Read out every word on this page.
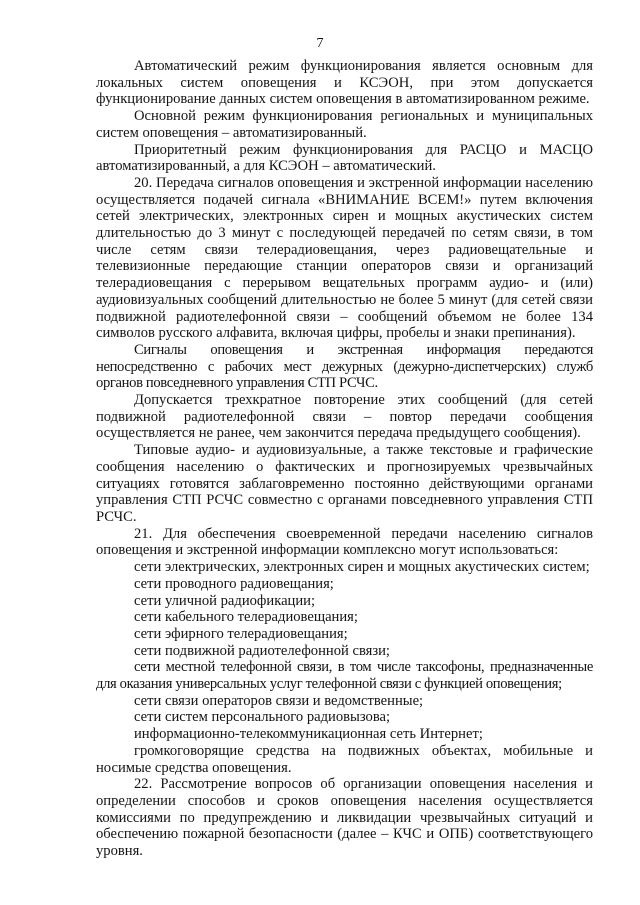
7

Автоматический режим функционирования является основным для локальных систем оповещения и КСЭОН, при этом допускается функционирование данных систем оповещения в автоматизированном режиме.

Основной режим функционирования региональных и муниципальных систем оповещения – автоматизированный.

Приоритетный режим функционирования для РАСЦО и МАСЦО автоматизированный, а для КСЭОН – автоматический.

20. Передача сигналов оповещения и экстренной информации населению осуществляется подачей сигнала «ВНИМАНИЕ ВСЕМ!» путем включения сетей электрических, электронных сирен и мощных акустических систем длительностью до 3 минут с последующей передачей по сетям связи, в том числе сетям связи телерадиовещания, через радиовещательные и телевизионные передающие станции операторов связи и организаций телерадиовещания с перерывом вещательных программ аудио- и (или) аудиовизуальных сообщений длительностью не более 5 минут (для сетей связи подвижной радиотелефонной связи – сообщений объемом не более 134 символов русского алфавита, включая цифры, пробелы и знаки препинания).

Сигналы оповещения и экстренная информация передаются непосредственно с рабочих мест дежурных (дежурно-диспетчерских) служб органов повседневного управления СТП РСЧС.

Допускается трехкратное повторение этих сообщений (для сетей подвижной радиотелефонной связи – повтор передачи сообщения осуществляется не ранее, чем закончится передача предыдущего сообщения).

Типовые аудио- и аудиовизуальные, а также текстовые и графические сообщения населению о фактических и прогнозируемых чрезвычайных ситуациях готовятся заблаговременно постоянно действующими органами управления СТП РСЧС совместно с органами повседневного управления СТП РСЧС.

21. Для обеспечения своевременной передачи населению сигналов оповещения и экстренной информации комплексно могут использоваться:

сети электрических, электронных сирен и мощных акустических систем;

сети проводного радиовещания;

сети уличной радиофикации;

сети кабельного телерадиовещания;

сети эфирного телерадиовещания;

сети подвижной радиотелефонной связи;

сети местной телефонной связи, в том числе таксофоны, предназначенные для оказания универсальных услуг телефонной связи с функцией оповещения;

сети связи операторов связи и ведомственные;

сети систем персонального радиовызова;

информационно-телекоммуникационная сеть Интернет;

громкоговорящие средства на подвижных объектах, мобильные и носимые средства оповещения.

22. Рассмотрение вопросов об организации оповещения населения и определении способов и сроков оповещения населения осуществляется комиссиями по предупреждению и ликвидации чрезвычайных ситуаций и обеспечению пожарной безопасности (далее – КЧС и ОПБ) соответствующего уровня.
